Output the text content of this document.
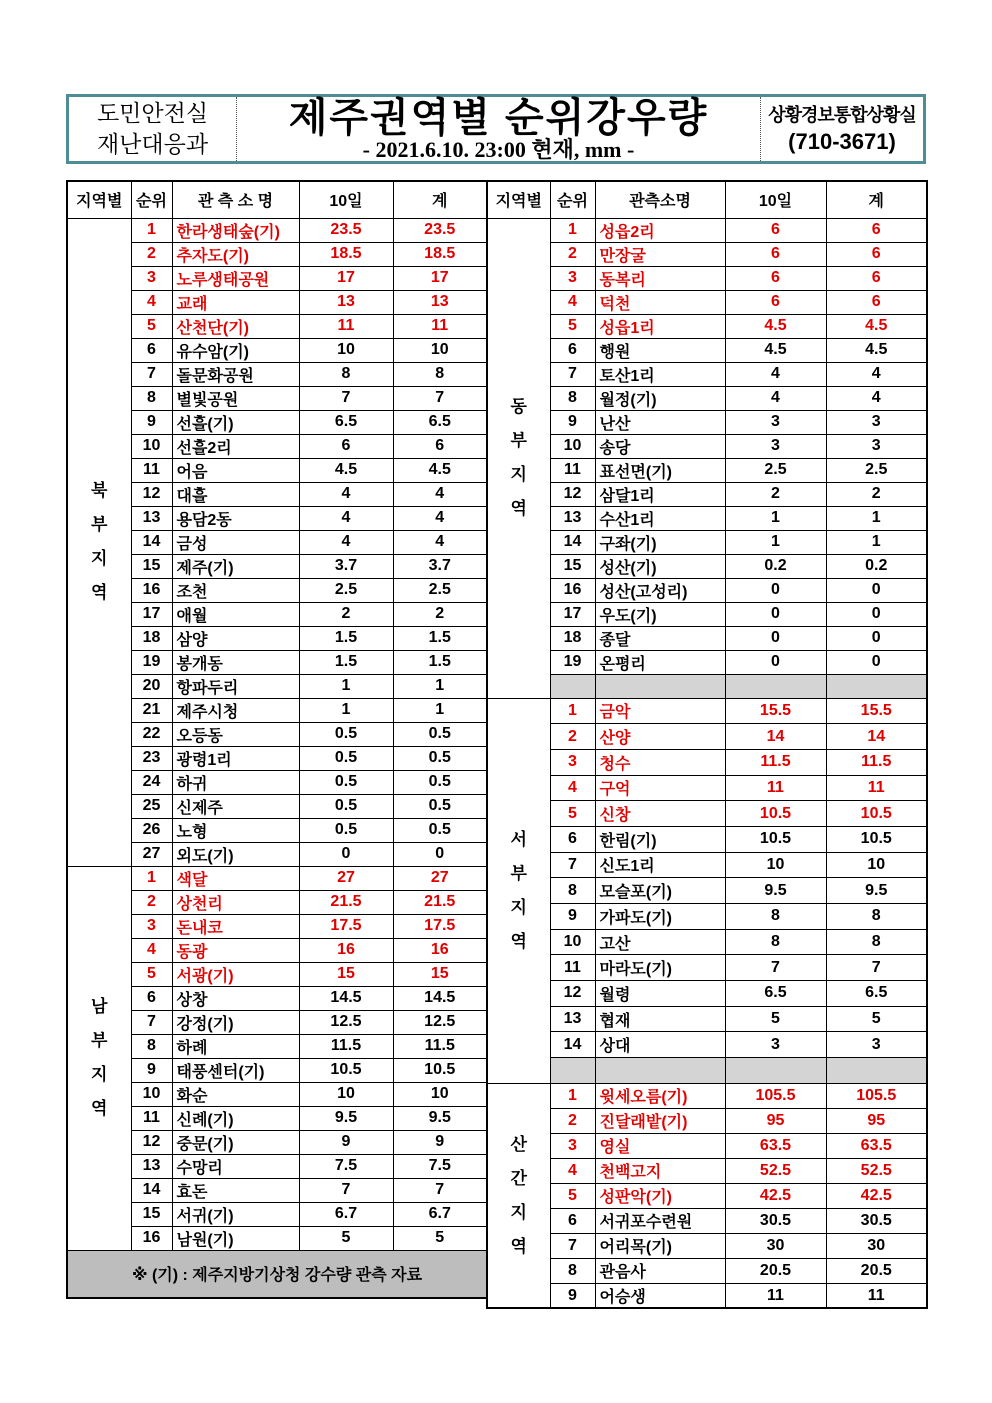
도민안전실
재난대응과
제주권역별 순위강우량
- 2021.6.10. 23:00 현재, mm -
상황경보통합상황실
(710-3671)
지역별	순위	관 측 소 명	10일	계

북
부
지
역	1	한라생태숲(기)	23.5	23.5
	2	추자도(기)	18.5	18.5
	3	노루생태공원	17	17
	4	교래	13	13
	5	산천단(기)	11	11
	6	유수암(기)	10	10
	7	돌문화공원	8	8
	8	별빛공원	7	7
	9	선흘(기)	6.5	6.5
	10	선흘2리	6	6
	11	어음	4.5	4.5
	12	대흘	4	4
	13	용담2동	4	4
	14	금성	4	4
	15	제주(기)	3.7	3.7
	16	조천	2.5	2.5
	17	애월	2	2
	18	삼양	1.5	1.5
	19	봉개동	1.5	1.5
	20	항파두리	1	1
	21	제주시청	1	1
	22	오등동	0.5	0.5
	23	광령1리	0.5	0.5
	24	하귀	0.5	0.5
	25	신제주	0.5	0.5
	26	노형	0.5	0.5
	27	외도(기)	0	0

남
부
지
역	1	색달	27	27
	2	상천리	21.5	21.5
	3	돈내코	17.5	17.5
	4	동광	16	16
	5	서광(기)	15	15
	6	상창	14.5	14.5
	7	강정(기)	12.5	12.5
	8	하례	11.5	11.5
	9	태풍센터(기)	10.5	10.5
	10	화순	10	10
	11	신례(기)	9.5	9.5
	12	중문(기)	9	9
	13	수망리	7.5	7.5
	14	효돈	7	7
	15	서귀(기)	6.7	6.7
	16	남원(기)	5	5
※ (기) : 제주지방기상청 강수량 관측 자료				
지역별	순위	관측소명	10일	계

동
부
지
역	1	성읍2리	6	6
	2	만장굴	6	6
	3	동복리	6	6
	4	덕천	6	6
	5	성읍1리	4.5	4.5
	6	행원	4.5	4.5
	7	토산1리	4	4
	8	월정(기)	4	4
	9	난산	3	3
	10	송당	3	3
	11	표선면(기)	2.5	2.5
	12	삼달1리	2	2
	13	수산1리	1	1
	14	구좌(기)	1	1
	15	성산(기)	0.2	0.2
	16	성산(고성리)	0	0
	17	우도(기)	0	0
	18	종달	0	0
	19	온평리	0	0

서
부
지
역	1	금악	15.5	15.5
	2	산양	14	14
	3	청수	11.5	11.5
	4	구억	11	11
	5	신창	10.5	10.5
	6	한림(기)	10.5	10.5
	7	신도1리	10	10
	8	모슬포(기)	9.5	9.5
	9	가파도(기)	8	8
	10	고산	8	8
	11	마라도(기)	7	7
	12	월령	6.5	6.5
	13	협재	5	5
	14	상대	3	3

산
간
지
역	1	윗세오름(기)	105.5	105.5
	2	진달래밭(기)	95	95
	3	영실	63.5	63.5
	4	천백고지	52.5	52.5
	5	성판악(기)	42.5	42.5
	6	서귀포수련원	30.5	30.5
	7	어리목(기)	30	30
	8	관음사	20.5	20.5
	9	어승생	11	11
